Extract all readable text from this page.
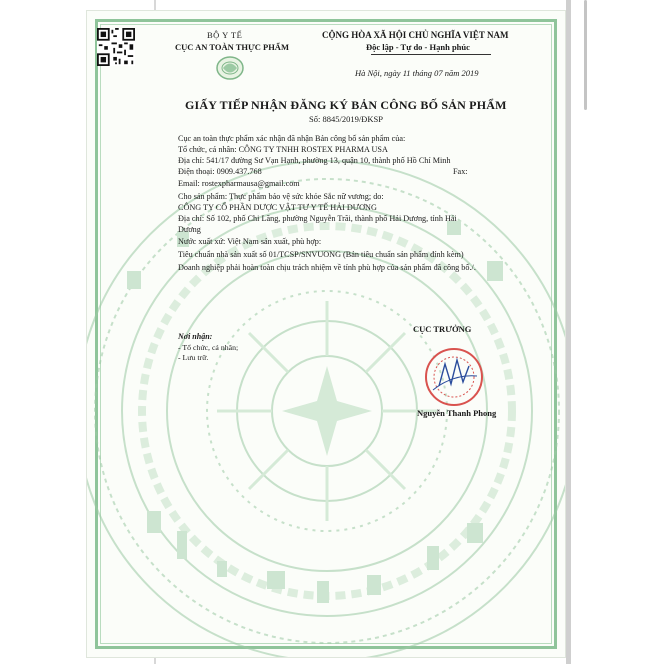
BỘ Y TẾ
CỤC AN TOÀN THỰC PHẨM
CỘNG HÒA XÃ HỘI CHỦ NGHĨA VIỆT NAM
Độc lập - Tự do - Hạnh phúc
Hà Nội, ngày 11 tháng 07 năm 2019
GIẤY TIẾP NHẬN ĐĂNG KÝ BẢN CÔNG BỐ SẢN PHẨM
Số: 8845/2019/ĐKSP
Cục an toàn thực phẩm xác nhận đã nhận Bản công bố sản phẩm của:
Tổ chức, cá nhân: CÔNG TY TNHH ROSTEX PHARMA USA
Địa chỉ: 541/17 đường Sư Vạn Hạnh, phường 13, quận 10, thành phố Hồ Chí Minh
Điện thoại: 0909.437.768	Fax:
Email: rostexpharmausa@gmail.com
Cho sản phẩm: Thực phẩm bảo vệ sức khỏe Sắc nữ vương; do:
CÔNG TY CỔ PHẦN DƯỢC VẬT TƯ Y TẾ HẢI DƯƠNG
Địa chỉ: Số 102, phố Chi Lăng, phường Nguyễn Trãi, thành phố Hải Dương, tỉnh Hải
Dương
Nước xuất xứ: Việt Nam sản xuất, phù hợp:
Tiêu chuẩn nhà sản xuất số 01/TCSP/SNVUONG (Bản tiêu chuẩn sản phẩm đính kèm)
Doanh nghiệp phải hoàn toàn chịu trách nhiệm về tính phù hợp của sản phẩm đã công bố./.
CỤC TRƯỞNG
Nơi nhận:
- Tổ chức, cá nhân;
- Lưu trữ.
Nguyễn Thanh Phong
